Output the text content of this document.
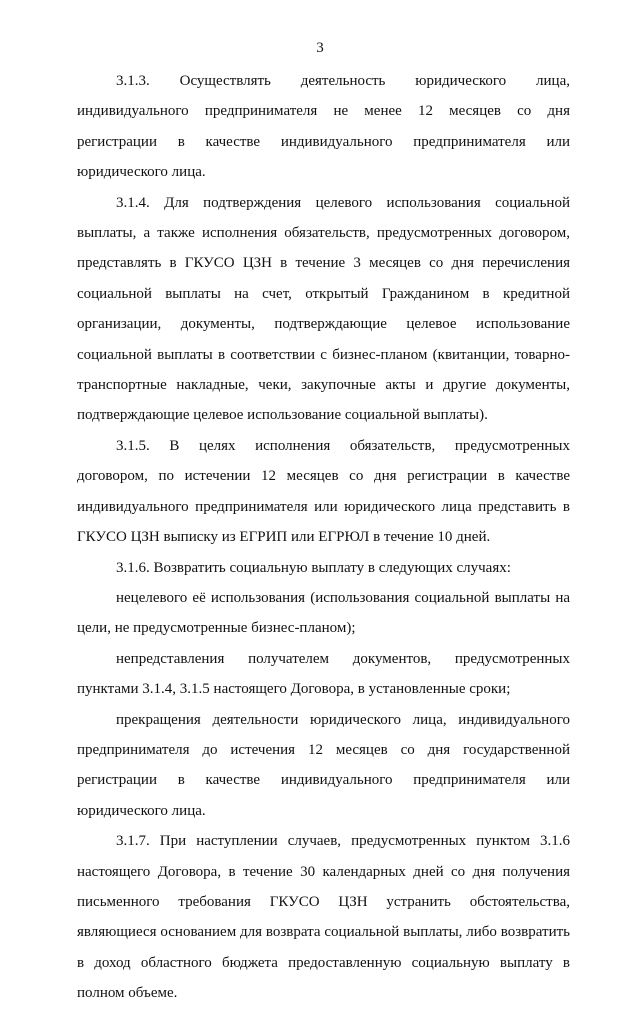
3

3.1.3. Осуществлять деятельность юридического лица,
индивидуального предпринимателя не менее 12 месяцев со дня
регистрации в качестве индивидуального предпринимателя или
юридического лица.

3.1.4. Для подтверждения целевого использования социальной
выплаты, а также исполнения обязательств, предусмотренных договором,
представлять в ГКУСО ЦЗН в течение 3 месяцев со дня перечисления
социальной выплаты на счет, открытый Гражданином в кредитной
организации, документы, подтверждающие целевое использование
социальной выплаты в соответствии с бизнес-планом (квитанции, товарно-
транспортные накладные, чеки, закупочные акты и другие документы,
подтверждающие целевое использование социальной выплаты).

3.1.5. В целях исполнения обязательств, предусмотренных
договором, по истечении 12 месяцев со дня регистрации в качестве
индивидуального предпринимателя или юридического лица представить в
ГКУСО ЦЗН выписку из ЕГРИП или ЕГРЮЛ в течение 10 дней.

3.1.6. Возвратить социальную выплату в следующих случаях:

нецелевого её использования (использования социальной выплаты на
цели, не предусмотренные бизнес-планом);

непредставления получателем документов, предусмотренных
пунктами 3.1.4, 3.1.5 настоящего Договора, в установленные сроки;

прекращения деятельности юридического лица, индивидуального
предпринимателя до истечения 12 месяцев со дня государственной
регистрации в качестве индивидуального предпринимателя или
юридического лица.

3.1.7. При наступлении случаев, предусмотренных пунктом 3.1.6
настоящего Договора, в течение 30 календарных дней со дня получения
письменного требования ГКУСО ЦЗН устранить обстоятельства,
являющиеся основанием для возврата социальной выплаты, либо возвратить
в доход областного бюджета предоставленную социальную выплату в
полном объеме.
